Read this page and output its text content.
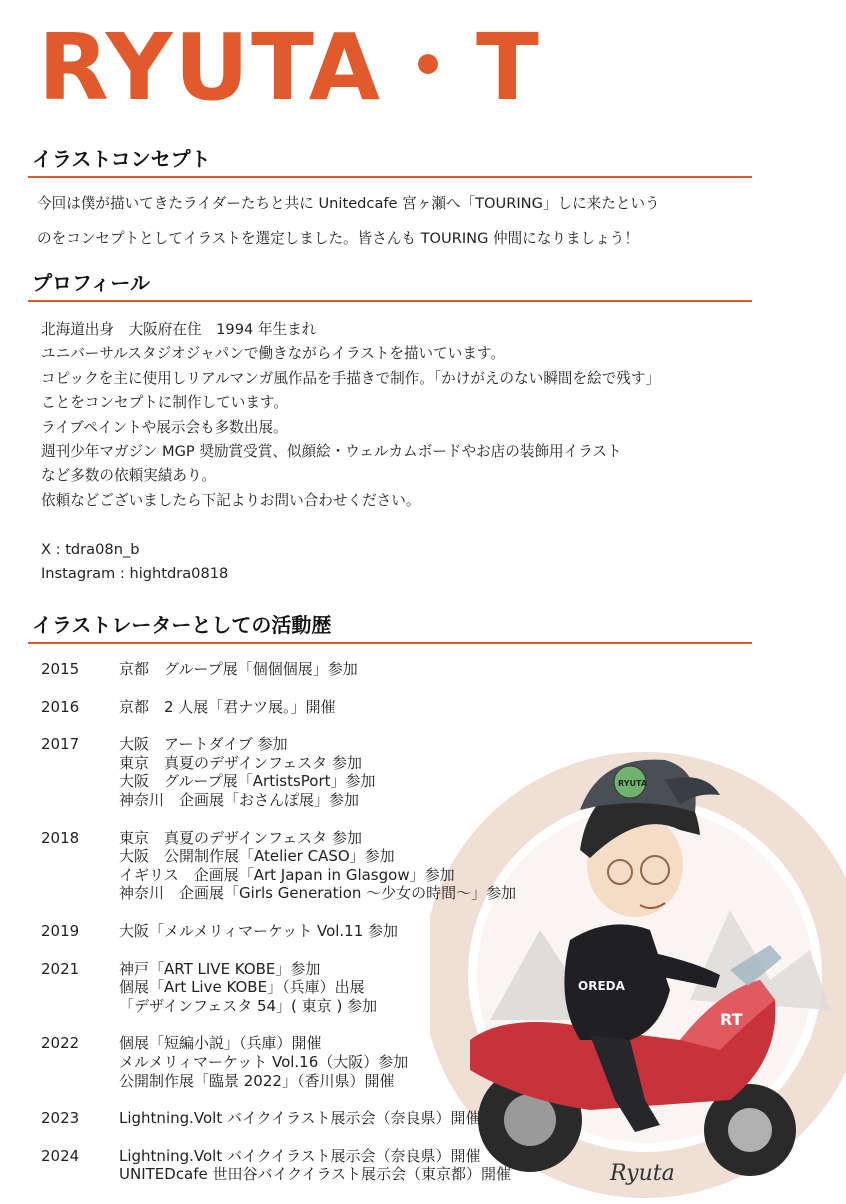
RYUTA・T
イラストコンセプト
今回は僕が描いてきたライダーたちと共に Unitedcafe 宮ヶ瀬へ「TOURING」しに来たという
のをコンセプトとしてイラストを選定しました。皆さんも TOURING 仲間になりましょう！
プロフィール
北海道出身　大阪府在住　1994 年生まれ
ユニバーサルスタジオジャパンで働きながらイラストを描いています。
コピックを主に使用しリアルマンガ風作品を手描きで制作。「かけがえのない瞬間を絵で残す」
ことをコンセプトに制作しています。
ライブペイントや展示会も多数出展。
週刊少年マガジン MGP 奨励賞受賞、似顔絵・ウェルカムボードやお店の装飾用イラスト
など多数の依頼実績あり。
依頼などございましたら下記よりお問い合わせください。
X : tdra08n_b
Instagram : hightdra0818
イラストレーターとしての活動歴
RT
OREDA
RYUTA
Ryuta
2015	京都　グループ展「個個個展」参加
2016	京都　2 人展「君ナツ展。」開催
2017	大阪　アートダイブ 参加
東京　真夏のデザインフェスタ 参加
大阪　グループ展「ArtistsPort」参加
神奈川　企画展「おさんぽ展」参加
2018	東京　真夏のデザインフェスタ 参加
大阪　公開制作展「Atelier CASO」参加
イギリス　企画展「Art Japan in Glasgow」参加
神奈川　企画展「Girls Generation ～少女の時間～」参加
2019	大阪「メルメリィマーケット Vol.11 参加
2021	神戸「ART LIVE KOBE」参加
個展「Art Live KOBE」（兵庫）出展
「デザインフェスタ 54」( 東京 ) 参加
2022	個展「短編小説」（兵庫）開催
メルメリィマーケット Vol.16（大阪）参加
公開制作展「臨景 2022」（香川県）開催
2023	Lightning.Volt バイクイラスト展示会（奈良県）開催
2024	Lightning.Volt バイクイラスト展示会（奈良県）開催
UNITEDcafe 世田谷バイクイラスト展示会（東京都）開催
